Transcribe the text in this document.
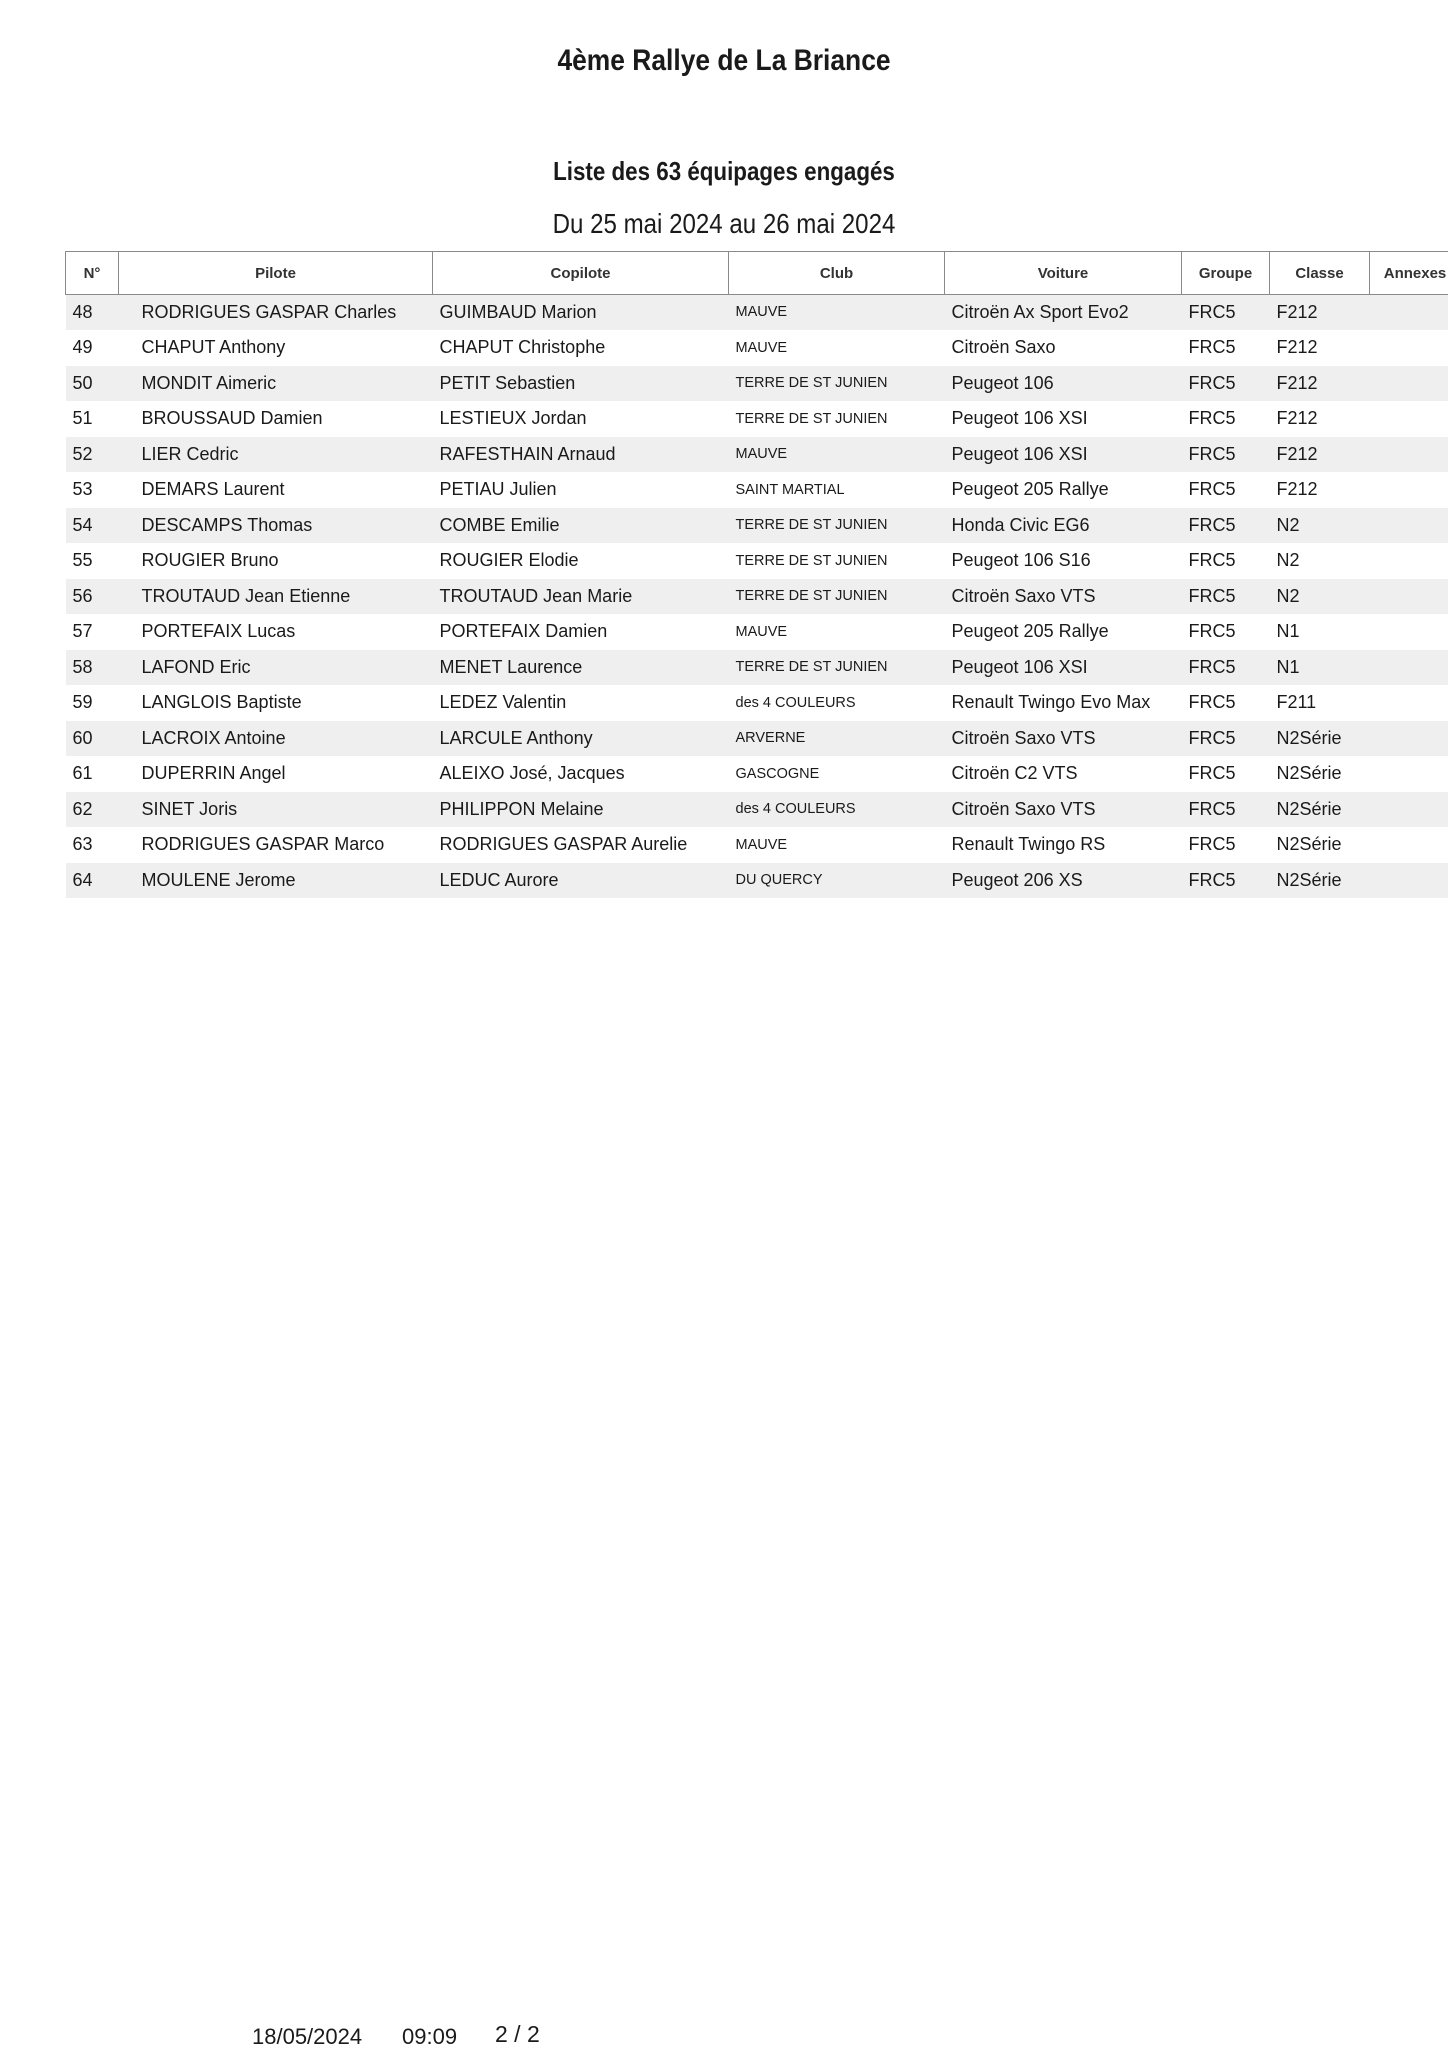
4ème Rallye de La Briance
Liste des 63 équipages engagés
Du 25 mai 2024 au 26 mai 2024
N°	Pilote	Copilote	Club	Voiture	Groupe	Classe	Annexes
48	RODRIGUES GASPAR Charles	GUIMBAUD Marion	MAUVE	Citroën Ax Sport Evo2	FRC5	F212	
49	CHAPUT Anthony	CHAPUT Christophe	MAUVE	Citroën Saxo	FRC5	F212	
50	MONDIT Aimeric	PETIT Sebastien	TERRE DE ST JUNIEN	Peugeot 106	FRC5	F212	
51	BROUSSAUD Damien	LESTIEUX Jordan	TERRE DE ST JUNIEN	Peugeot 106 XSI	FRC5	F212	
52	LIER Cedric	RAFESTHAIN Arnaud	MAUVE	Peugeot 106 XSI	FRC5	F212	
53	DEMARS Laurent	PETIAU Julien	SAINT MARTIAL	Peugeot 205 Rallye	FRC5	F212	
54	DESCAMPS Thomas	COMBE Emilie	TERRE DE ST JUNIEN	Honda Civic EG6	FRC5	N2	
55	ROUGIER Bruno	ROUGIER Elodie	TERRE DE ST JUNIEN	Peugeot 106 S16	FRC5	N2	
56	TROUTAUD Jean Etienne	TROUTAUD Jean Marie	TERRE DE ST JUNIEN	Citroën Saxo VTS	FRC5	N2	
57	PORTEFAIX Lucas	PORTEFAIX Damien	MAUVE	Peugeot 205 Rallye	FRC5	N1	
58	LAFOND Eric	MENET Laurence	TERRE DE ST JUNIEN	Peugeot 106 XSI	FRC5	N1	
59	LANGLOIS Baptiste	LEDEZ Valentin	des 4 COULEURS	Renault Twingo Evo Max	FRC5	F211	
60	LACROIX Antoine	LARCULE Anthony	ARVERNE	Citroën Saxo VTS	FRC5	N2Série	
61	DUPERRIN Angel	ALEIXO José, Jacques	GASCOGNE	Citroën C2 VTS	FRC5	N2Série	
62	SINET Joris	PHILIPPON Melaine	des 4 COULEURS	Citroën Saxo VTS	FRC5	N2Série	
63	RODRIGUES GASPAR Marco	RODRIGUES GASPAR Aurelie	MAUVE	Renault Twingo RS	FRC5	N2Série	
64	MOULENE Jerome	LEDUC Aurore	DU QUERCY	Peugeot 206 XS	FRC5	N2Série	
18/05/2024 09:09 2 / 2
